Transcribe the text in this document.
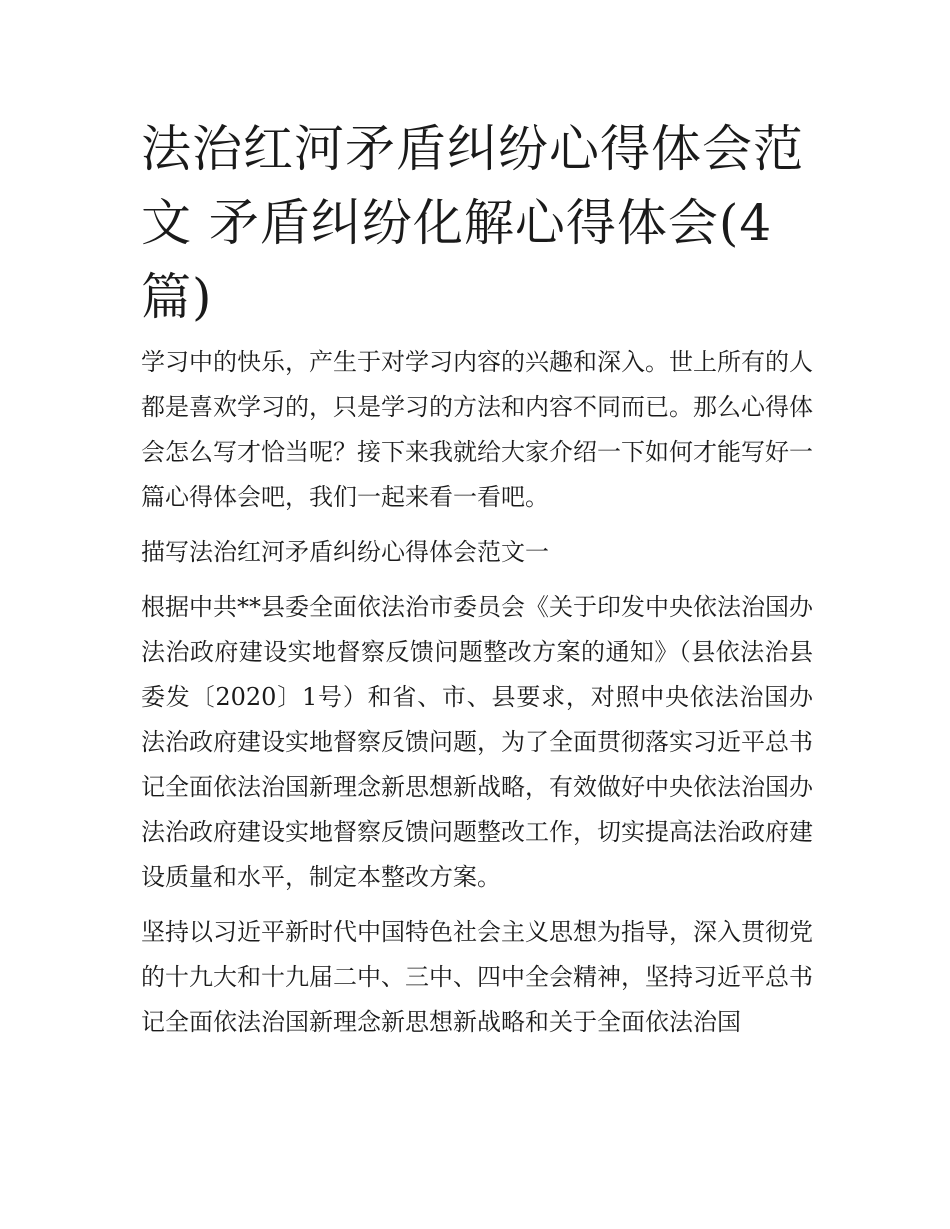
法治红河矛盾纠纷心得体会范文 矛盾纠纷化解心得体会(4篇)

学习中的快乐，产生于对学习内容的兴趣和深入。世上所有的人都是喜欢学习的，只是学习的方法和内容不同而已。那么心得体会怎么写才恰当呢？接下来我就给大家介绍一下如何才能写好一篇心得体会吧，我们一起来看一看吧。

描写法治红河矛盾纠纷心得体会范文一

根据中共**县委全面依法治市委员会《关于印发中央依法治国办法治政府建设实地督察反馈问题整改方案的通知》（县依法治县委发〔2020〕1号）和省、市、县要求，对照中央依法治国办法治政府建设实地督察反馈问题，为了全面贯彻落实习近平总书记全面依法治国新理念新思想新战略，有效做好中央依法治国办法治政府建设实地督察反馈问题整改工作，切实提高法治政府建设质量和水平，制定本整改方案。

坚持以习近平新时代中国特色社会主义思想为指导，深入贯彻党的十九大和十九届二中、三中、四中全会精神，坚持习近平总书记全面依法治国新理念新思想新战略和关于全面依法治国
